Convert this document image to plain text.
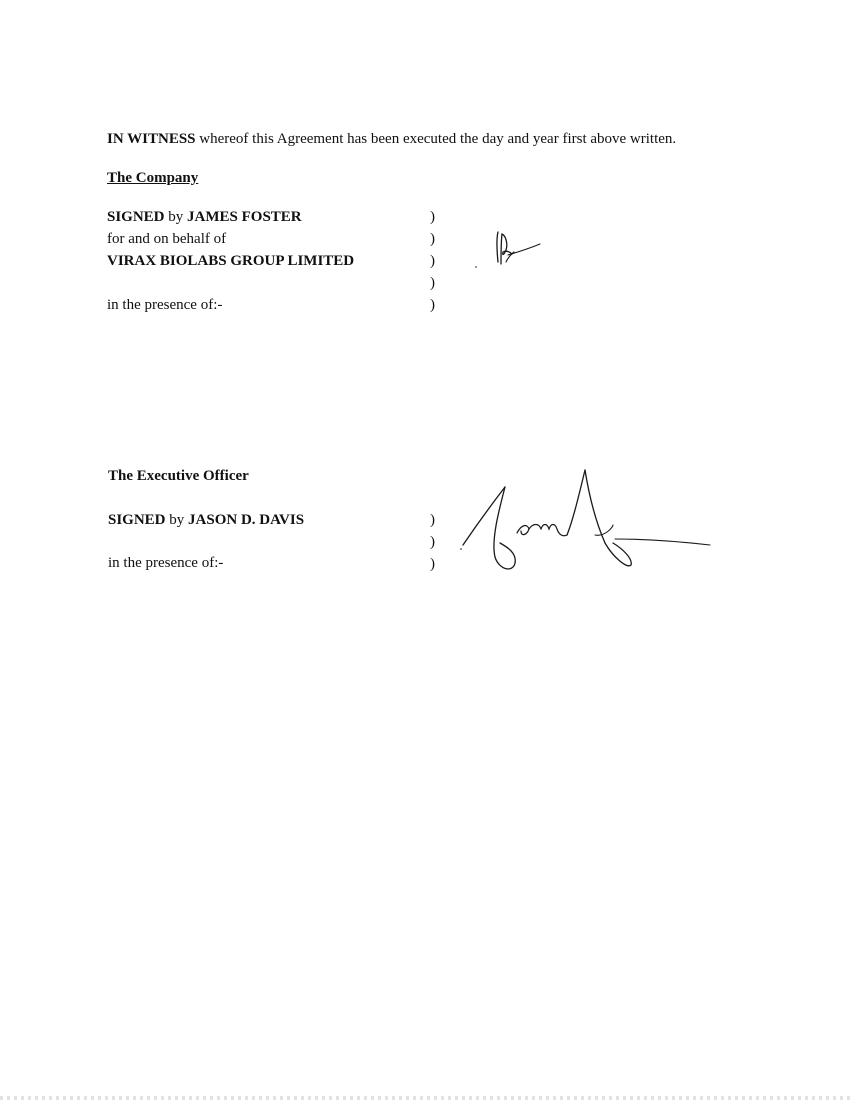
IN WITNESS whereof this Agreement has been executed the day and year first above written.
The Company
SIGNED by JAMES FOSTER
for and on behalf of
VIRAX BIOLABS GROUP LIMITED
in the presence of:-
)
)
)
)
)
The Executive Officer
SIGNED by JASON D. DAVIS
in the presence of:-
)
)
)
